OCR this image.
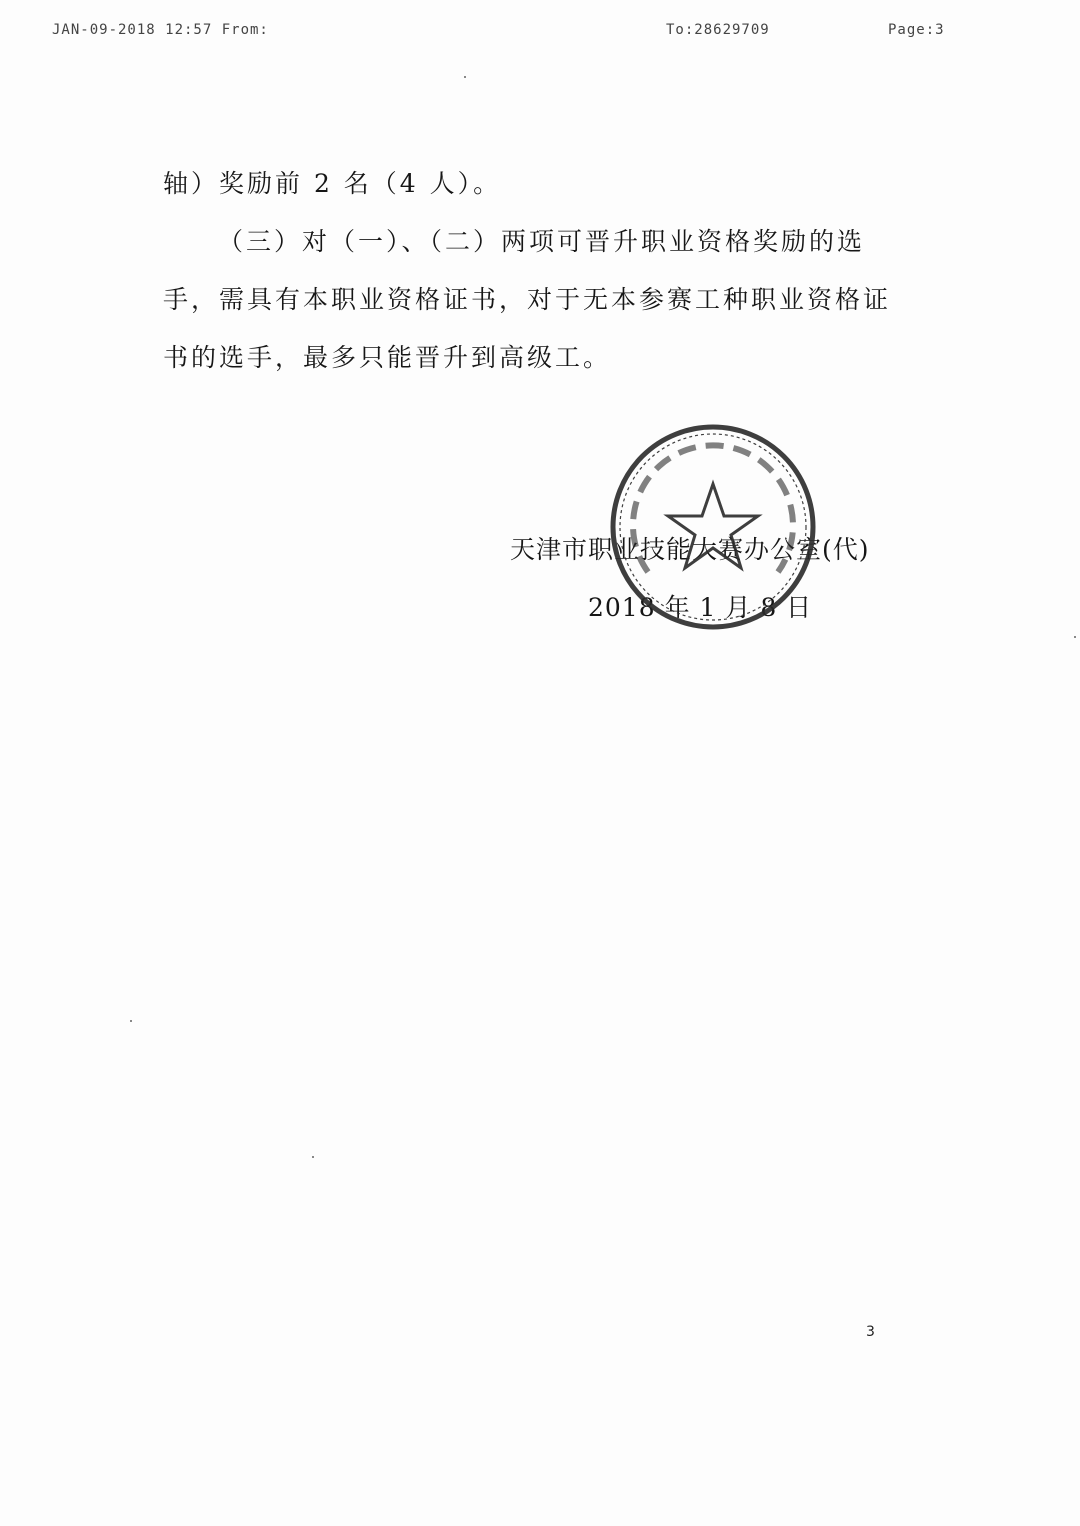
JAN-09-2018 12:57 From:	To:28629709	Page:3

轴）奖励前 2 名（4 人）。

（三）对（一）、（二）两项可晋升职业资格奖励的选手，需具有本职业资格证书，对于无本参赛工种职业资格证书的选手，最多只能晋升到高级工。

天津市职业技能大赛办公室(代)
2018 年 1 月 8 日
3
